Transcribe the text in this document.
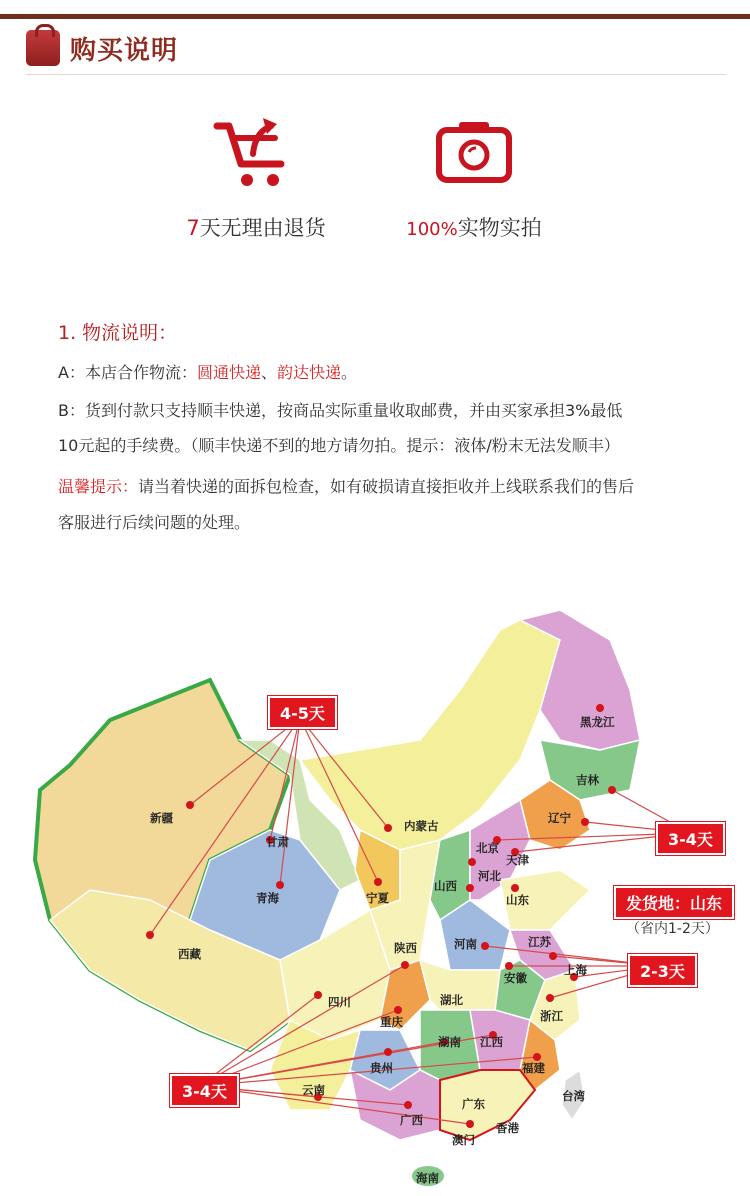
购买说明
7天无理由退货	100%实物实拍
1. 物流说明：
A：本店合作物流：圆通快递、韵达快递。
B：货到付款只支持顺丰快递，按商品实际重量收取邮费，并由买家承担3%最低
10元起的手续费。（顺丰快递不到的地方请勿拍。提示：液体/粉末无法发顺丰）
温馨提示：请当着快递的面拆包检查，如有破损请直接拒收并上线联系我们的售后
客服进行后续问题的处理。
新疆
西藏
青海
甘肃
内蒙古
宁夏
陕西
四川
重庆
贵州
云南
广西
广东
海南
湖南
湖北
河南
山西
河北
北京
天津
山东
江苏
上海
安徽
浙江
江西
福建
台湾
香港
澳门
辽宁
吉林
黑龙江
4-5天
3-4天
发货地：山东
（省内1-2天）
2-3天
3-4天
